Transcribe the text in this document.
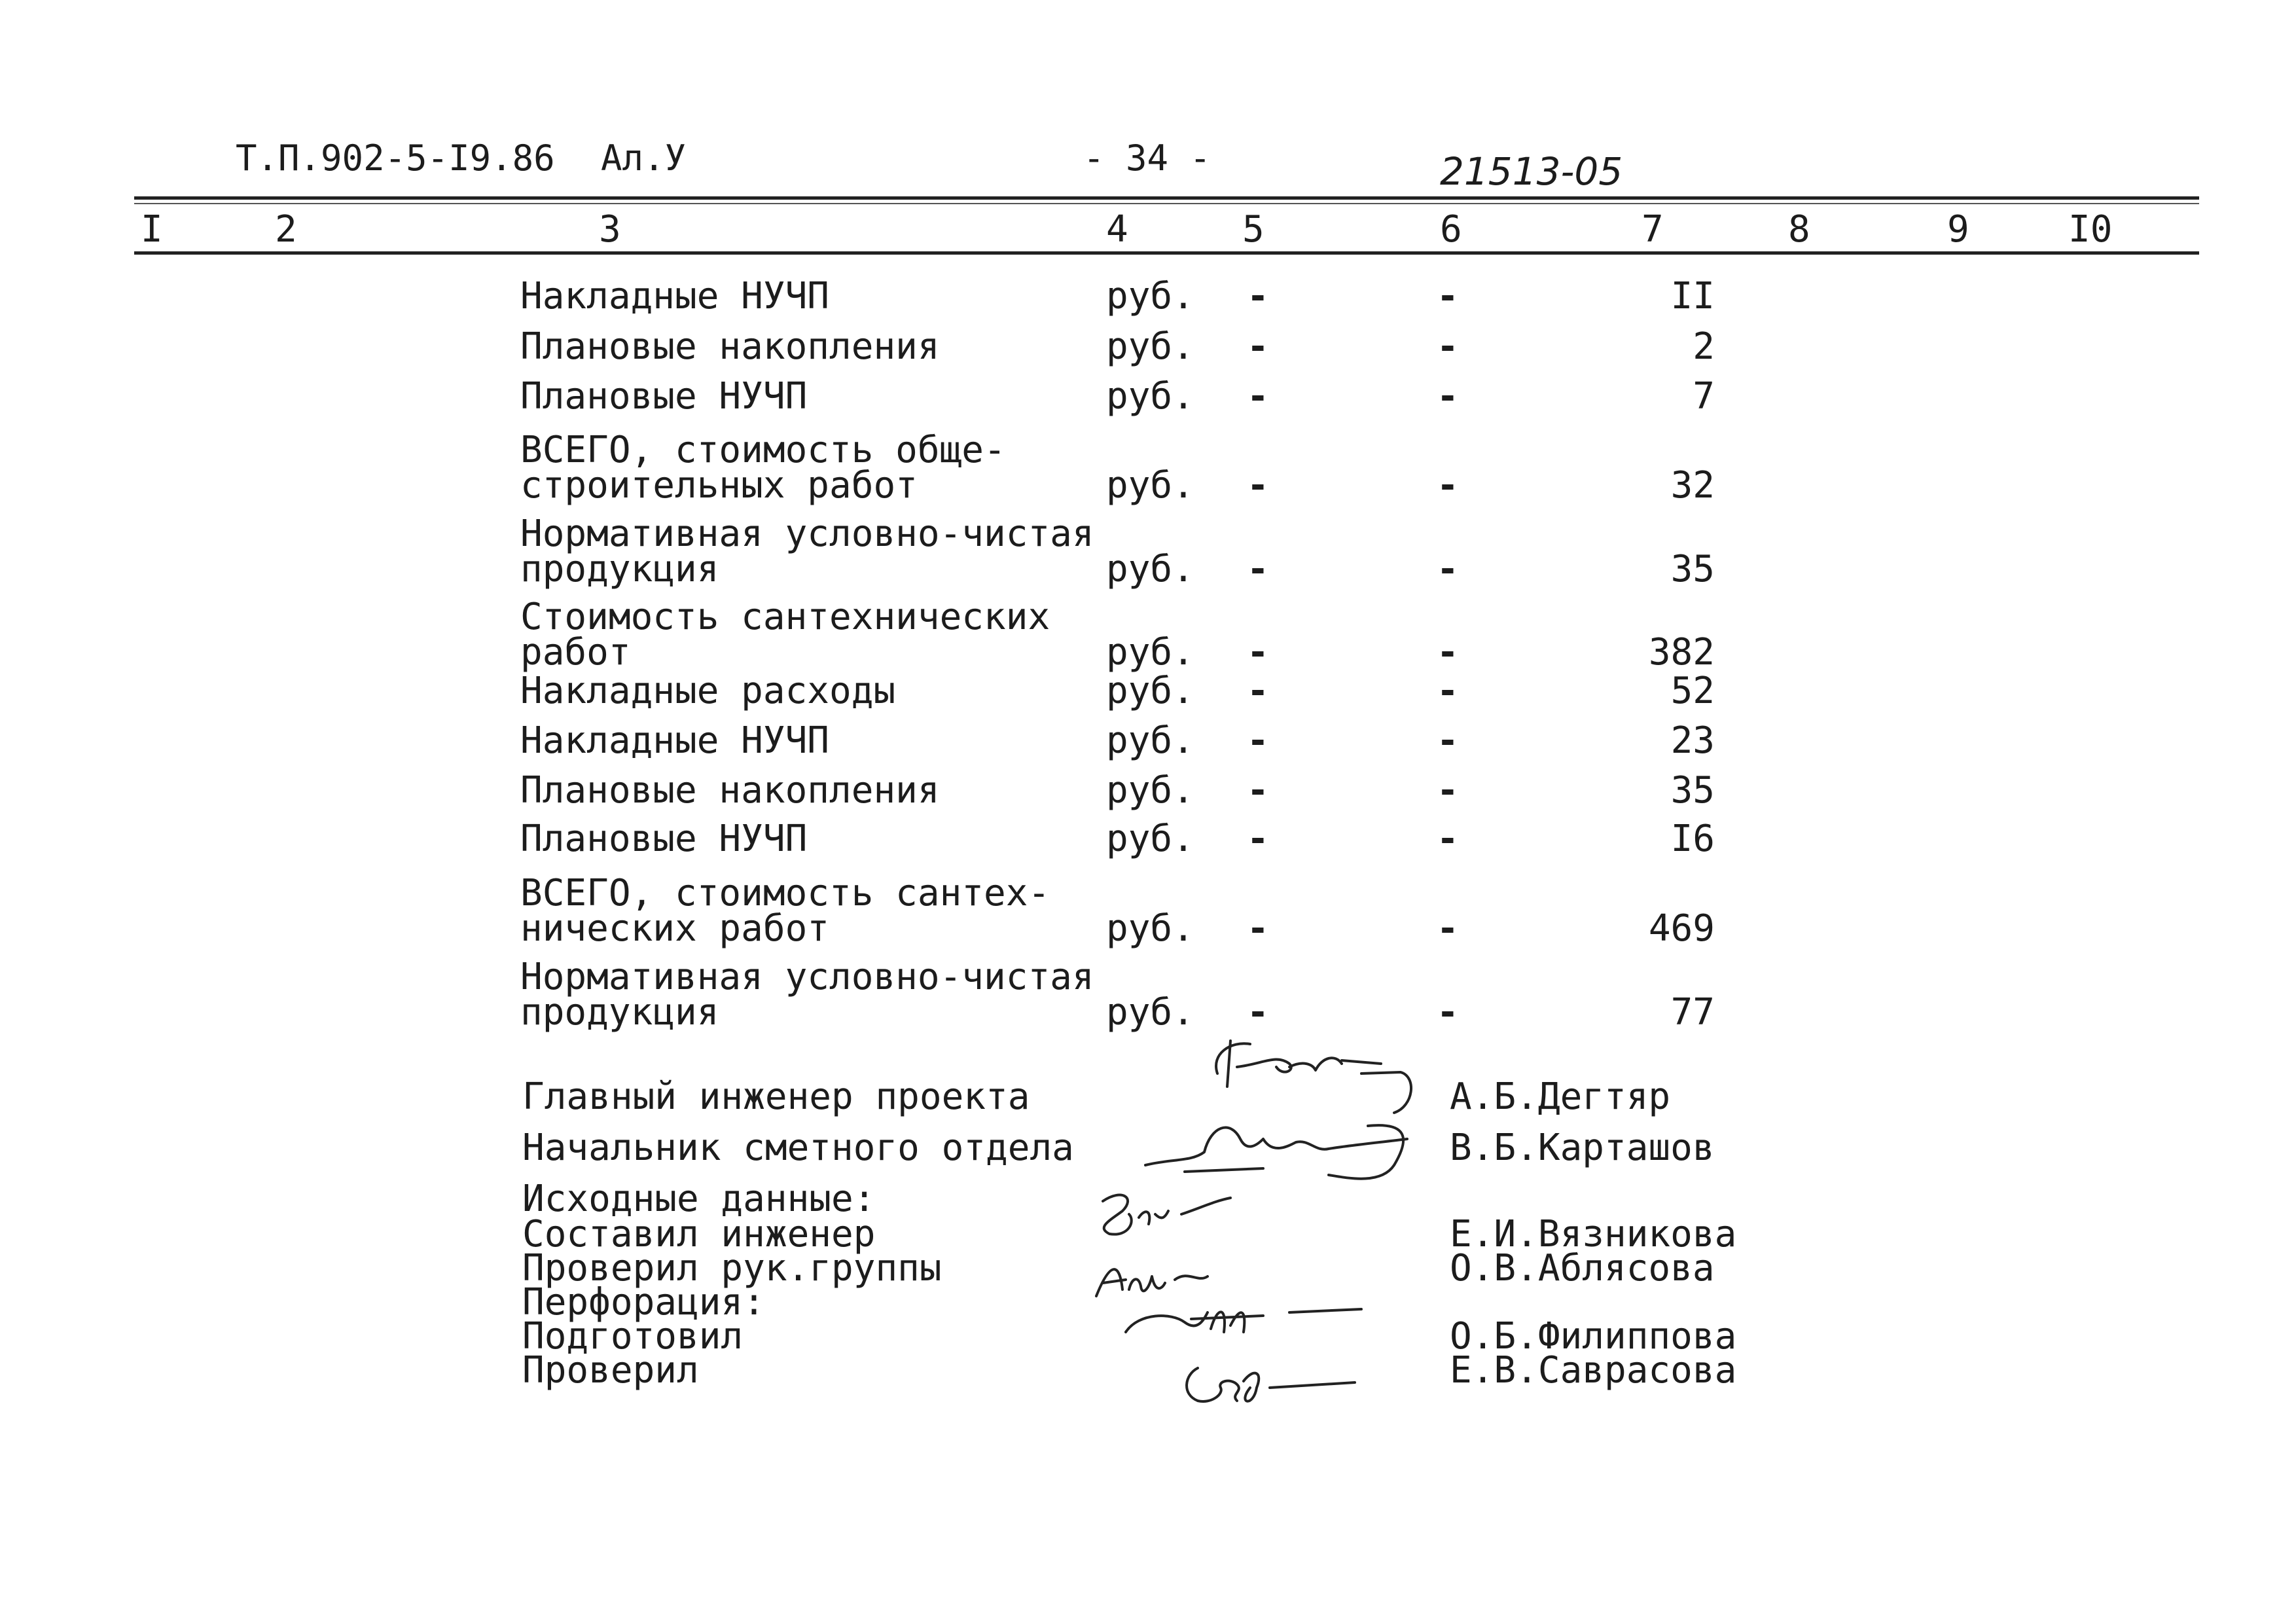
Т.П.902-5-I9.86 Ал.У	- 34 -	21513-05
I	2	3	4	5	6	7	8	9	I0
Накладные НУЧП	руб. -	-	II
Плановые накопления	руб. -	-	2
Плановые НУЧП	руб. -	-	7
ВСЕГО, стоимость обще-
строительных работ	руб. -	-	32
Нормативная условно-чистая
продукция	руб. -	-	35
Стоимость сантехнических
работ	руб. -	-	382
Накладные расходы	руб. -	-	52
Накладные НУЧП	руб. -	-	23
Плановые накопления	руб. -	-	35
Плановые НУЧП	руб. -	-	I6
ВСЕГО, стоимость сантех-
нических работ	руб. -	-	469
Нормативная условно-чистая
продукция	руб. -	-	77
Главный инженер проекта	А.Б.Дегтяр
Начальник сметного отдела	В.Б.Карташов
Исходные данные:
Составил инженер	Е.И.Вязникова
Проверил рук.группы	О.В.Аблясова
Перфорация:
Подготовил	О.Б.Филиппова
Проверил	Е.В.Саврасова
